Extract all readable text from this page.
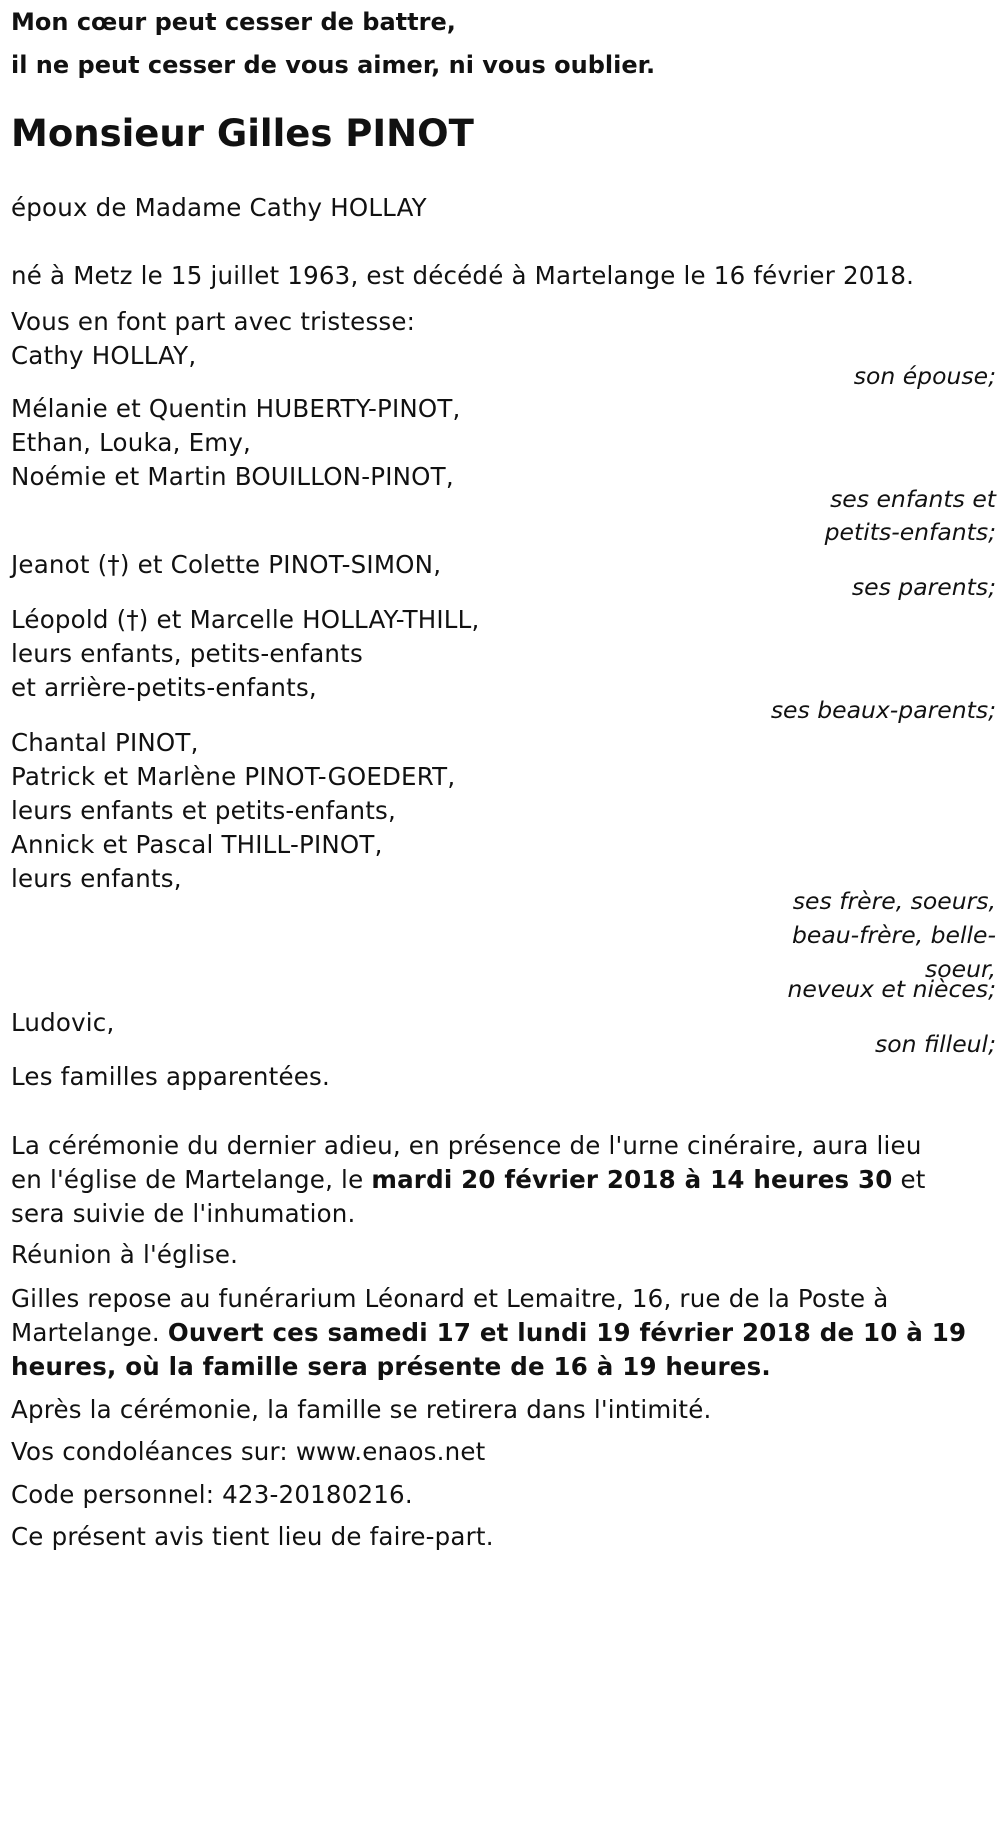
Mon cœur peut cesser de battre,
il ne peut cesser de vous aimer, ni vous oublier.
Monsieur Gilles PINOT
époux de Madame Cathy HOLLAY
né à Metz le 15 juillet 1963, est décédé à Martelange le 16 février 2018.
Vous en font part avec tristesse:
Cathy HOLLAY,
son épouse;
Mélanie et Quentin HUBERTY-PINOT,
Ethan, Louka, Emy,
Noémie et Martin BOUILLON-PINOT,
ses enfants et
petits-enfants;
Jeanot (†) et Colette PINOT-SIMON,
ses parents;
Léopold (†) et Marcelle HOLLAY-THILL,
leurs enfants, petits-enfants
et arrière-petits-enfants,
ses beaux-parents;
Chantal PINOT,
Patrick et Marlène PINOT-GOEDERT,
leurs enfants et petits-enfants,
Annick et Pascal THILL-PINOT,
leurs enfants,
ses frère, soeurs,
beau-frère, belle-
soeur,
neveux et nièces;
Ludovic,
son filleul;
Les familles apparentées.
La cérémonie du dernier adieu, en présence de l'urne cinéraire, aura lieu
en l'église de Martelange, le mardi 20 février 2018 à 14 heures 30 et
sera suivie de l'inhumation.
Réunion à l'église.
Gilles repose au funérarium Léonard et Lemaitre, 16, rue de la Poste à
Martelange. Ouvert ces samedi 17 et lundi 19 février 2018 de 10 à 19
heures, où la famille sera présente de 16 à 19 heures.
Après la cérémonie, la famille se retirera dans l'intimité.
Vos condoléances sur: www.enaos.net
Code personnel: 423-20180216.
Ce présent avis tient lieu de faire-part.
